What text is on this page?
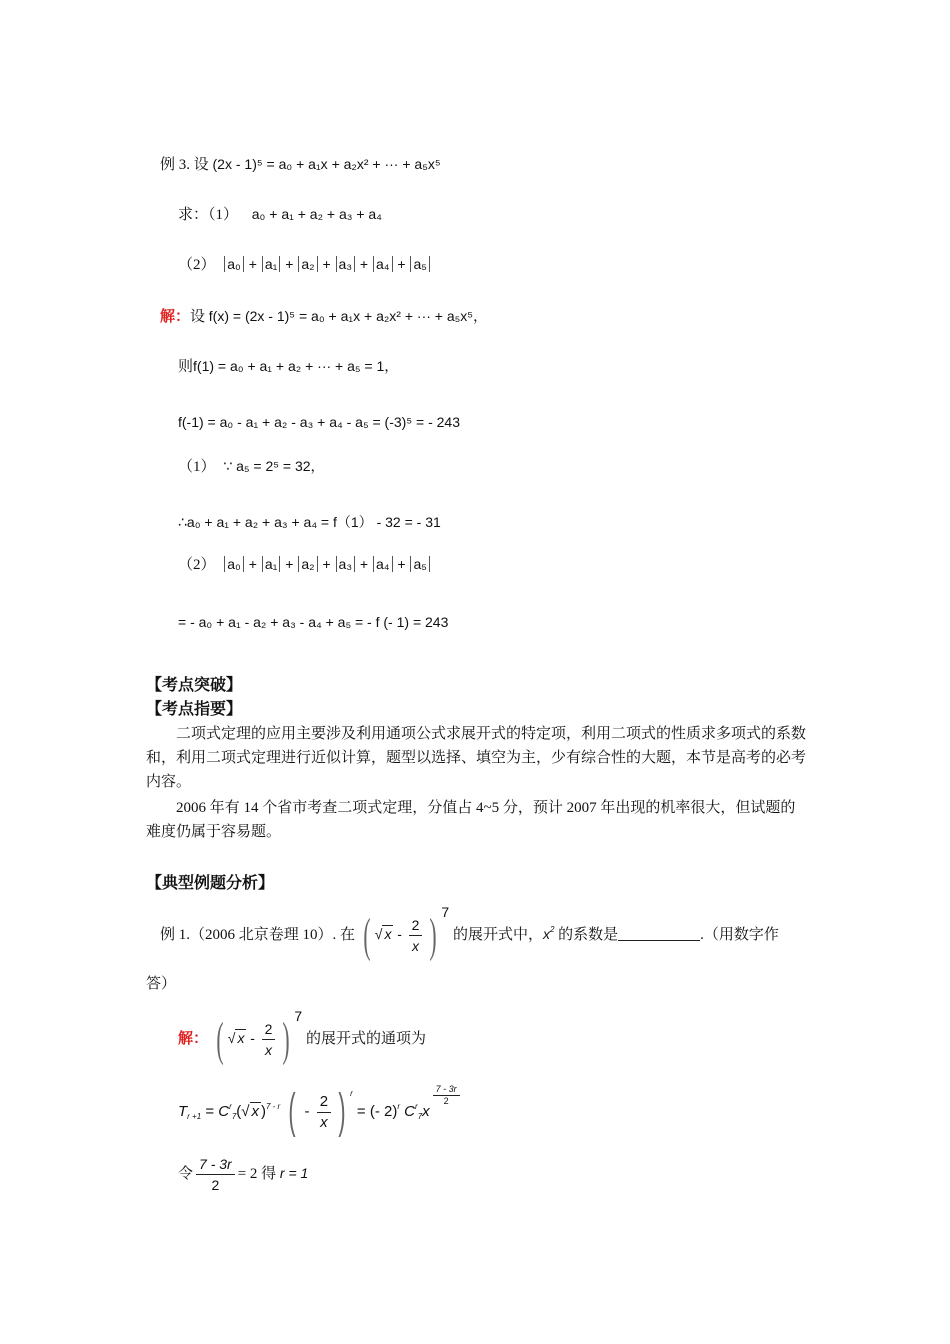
例 3. 设 (2x - 1)⁵ = a₀ + a₁x + a₂x² + ··· + a₅x⁵
求：（1） a₀ + a₁ + a₂ + a₃ + a₄
（2） a₀ + a₁ + a₂ + a₃ + a₄ + a₅
解：设 f(x) = (2x - 1)⁵ = a₀ + a₁x + a₂x² + ··· + a₅x⁵，
则f(1) = a₀ + a₁ + a₂ + ··· + a₅ = 1，
f(-1) = a₀ - a₁ + a₂ - a₃ + a₄ - a₅ = (-3)⁵ = - 243
（1） ∵ a₅ = 2⁵ = 32，
∴a₀ + a₁ + a₂ + a₃ + a₄ = f（1） - 32 = - 31
（2） a₀ + a₁ + a₂ + a₃ + a₄ + a₅
= - a₀ + a₁ - a₂ + a₃ - a₄ + a₅ = - f (- 1) = 243
【考点突破】
【考点指要】
二项式定理的应用主要涉及利用通项公式求展开式的特定项，利用二项式的性质求多项式的系数和，利用二项式定理进行近似计算，题型以选择、填空为主，少有综合性的大题，本节是高考的必考内容。
2006 年有 14 个省市考查二项式定理，分值占 4~5 分，预计 2007 年出现的机率很大，但试题的难度仍属于容易题。
【典型例题分析】
例 1.（2006 北京卷理 10）. 在 ( √ x - $\frac{2}{x}$ ) $^7$ 的展开式中，$x^2$ 的系数是	.（用数字作
答）
解： ( √ x - $\frac{2}{x}$ ) $^7$ 的展开式的通项为
$T_{r +1} = C^r_7(√$ x )$^{7 - r}$ ( - $\frac{2}{x}$ ) $^r$ = (- 2)$^r$ $C^r_7x$
$\frac{7 - 3r}{2}$
令 $\frac{7 - 3r}{2} = 2$ 得 r = 1
